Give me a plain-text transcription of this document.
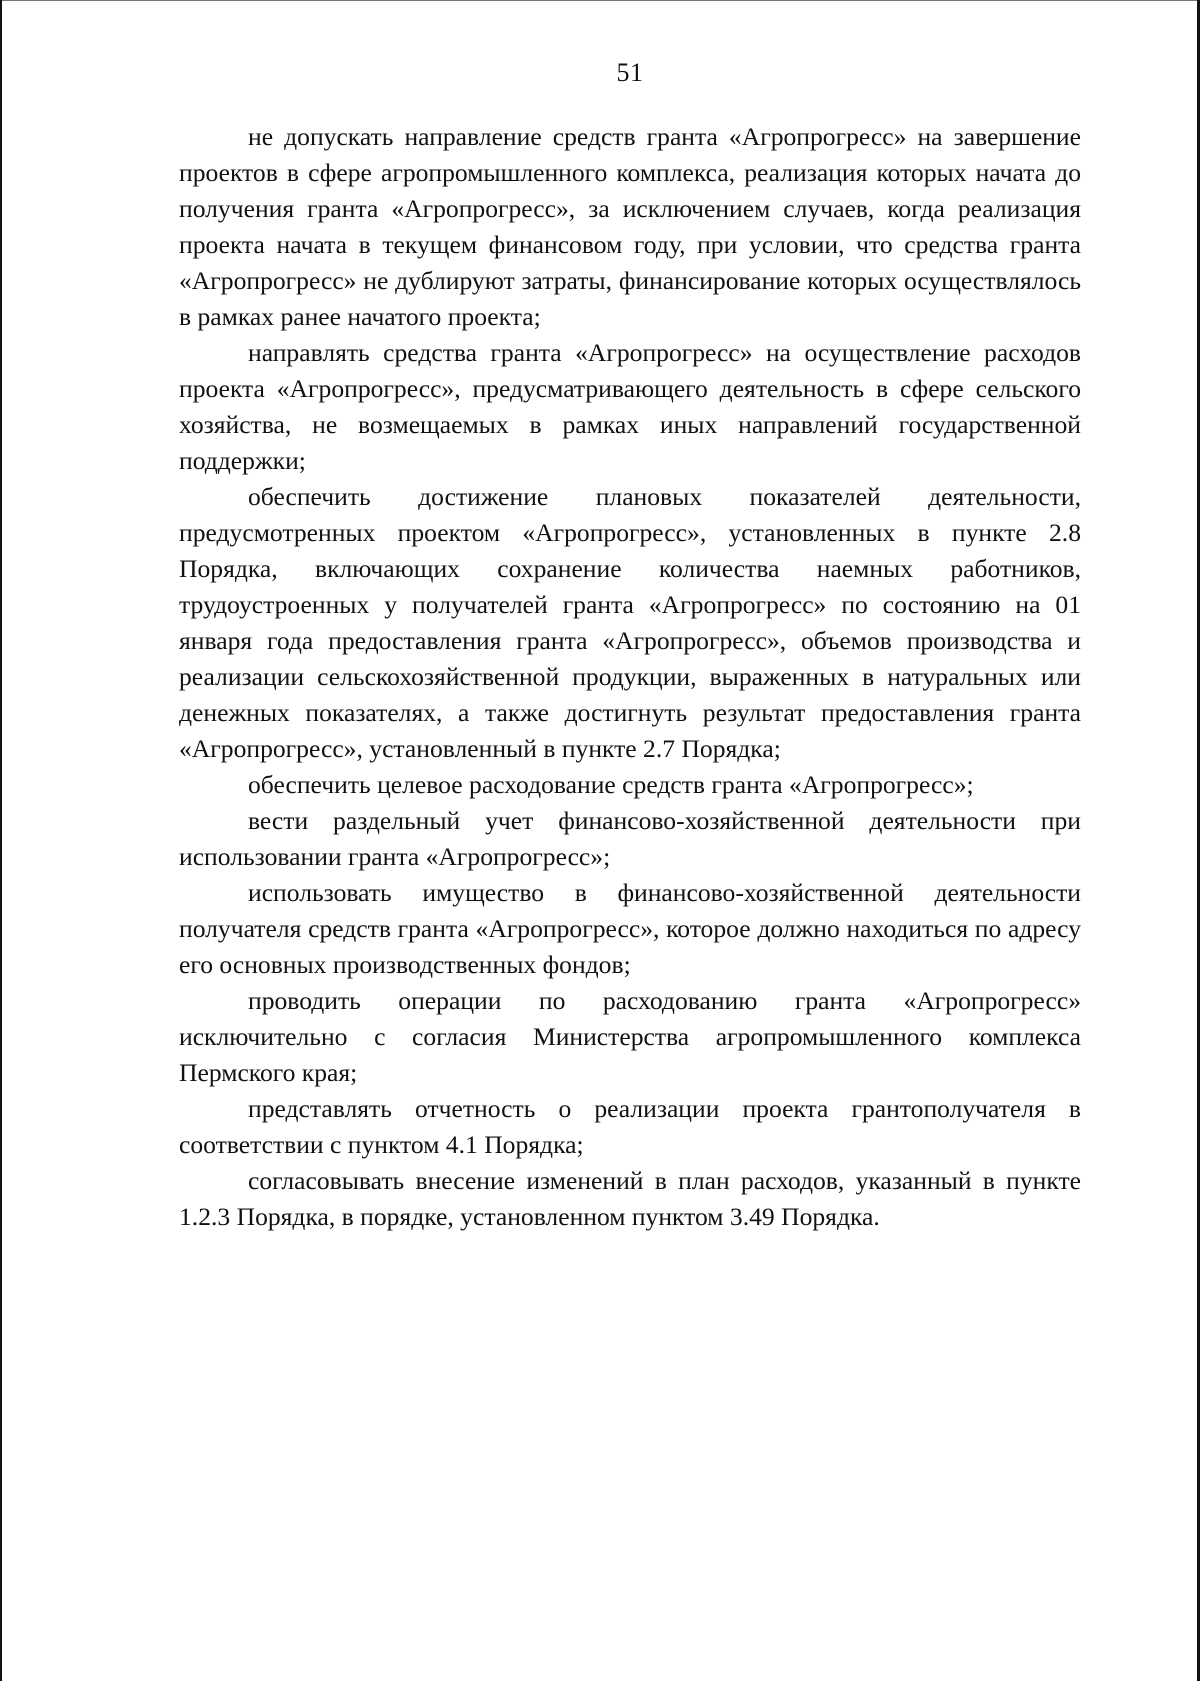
51

не допускать направление средств гранта «Агропрогресс» на завершение проектов в сфере агропромышленного комплекса, реализация которых начата до получения гранта «Агропрогресс», за исключением случаев, когда реализация проекта начата в текущем финансовом году, при условии, что средства гранта «Агропрогресс» не дублируют затраты, финансирование которых осуществлялось в рамках ранее начатого проекта;

направлять средства гранта «Агропрогресс» на осуществление расходов проекта «Агропрогресс», предусматривающего деятельность в сфере сельского хозяйства, не возмещаемых в рамках иных направлений государственной поддержки;

обеспечить достижение плановых показателей деятельности, предусмотренных проектом «Агропрогресс», установленных в пункте 2.8 Порядка, включающих сохранение количества наемных работников, трудоустроенных у получателей гранта «Агропрогресс» по состоянию на 01 января года предоставления гранта «Агропрогресс», объемов производства и реализации сельскохозяйственной продукции, выраженных в натуральных или денежных показателях, а также достигнуть результат предоставления гранта «Агропрогресс», установленный в пункте 2.7 Порядка;

обеспечить целевое расходование средств гранта «Агропрогресс»;

вести раздельный учет финансово-хозяйственной деятельности при использовании гранта «Агропрогресс»;

использовать имущество в финансово-хозяйственной деятельности получателя средств гранта «Агропрогресс», которое должно находиться по адресу его основных производственных фондов;

проводить операции по расходованию гранта «Агропрогресс» исключительно с согласия Министерства агропромышленного комплекса Пермского края;

представлять отчетность о реализации проекта грантополучателя в соответствии с пунктом 4.1 Порядка;

согласовывать внесение изменений в план расходов, указанный в пункте 1.2.3 Порядка, в порядке, установленном пунктом 3.49 Порядка.
